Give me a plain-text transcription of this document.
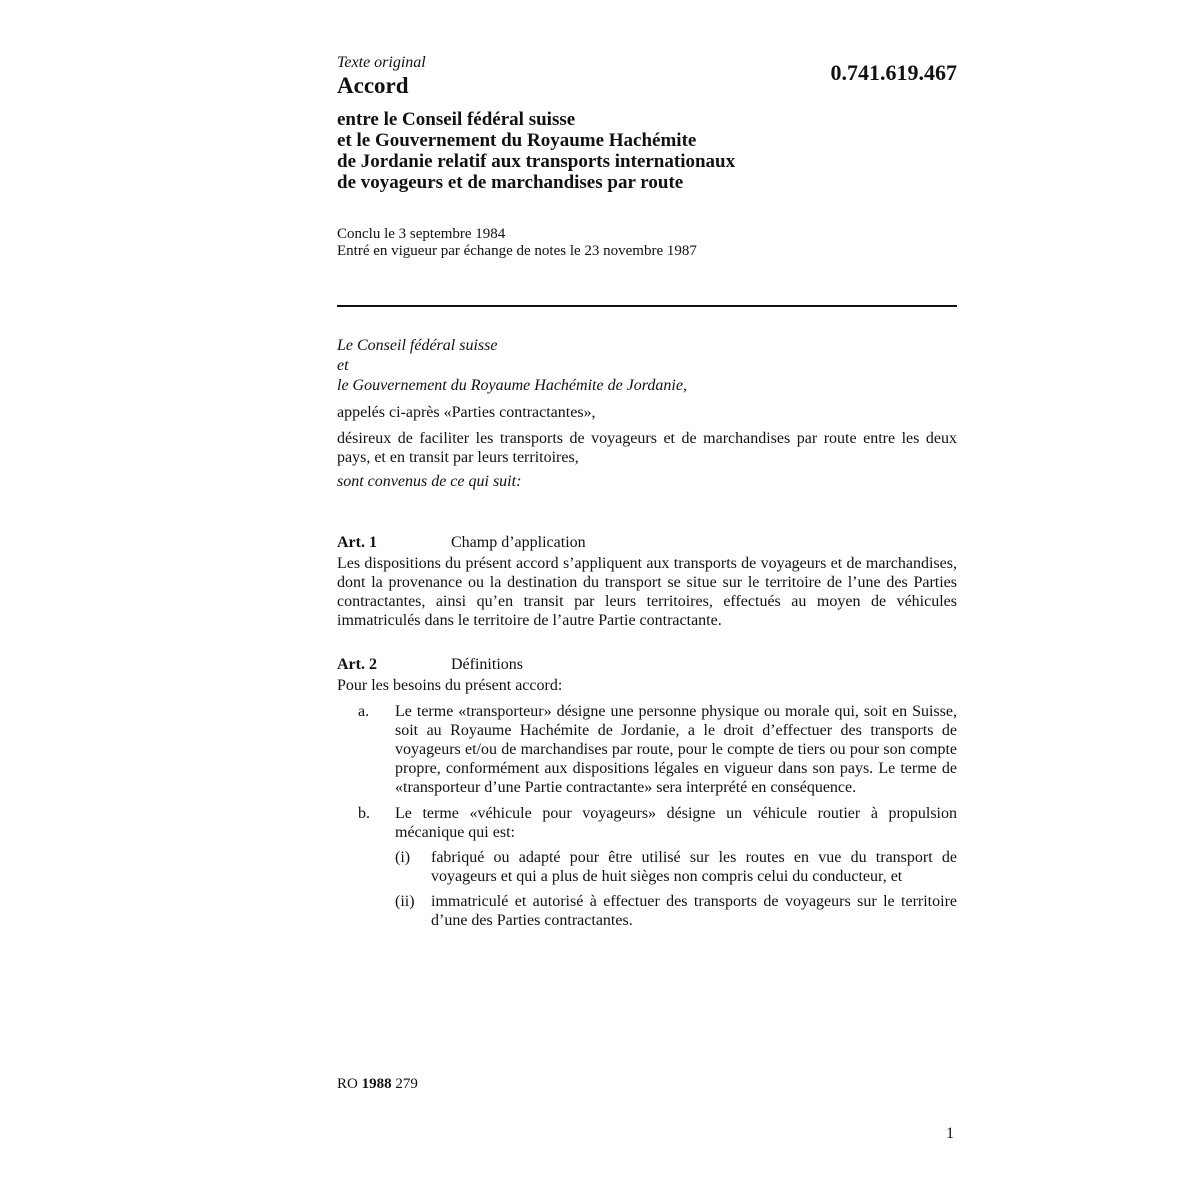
Texte original
Accord
0.741.619.467
entre le Conseil fédéral suisse
et le Gouvernement du Royaume Hachémite
de Jordanie relatif aux transports internationaux
de voyageurs et de marchandises par route
Conclu le 3 septembre 1984
Entré en vigueur par échange de notes le 23 novembre 1987
Le Conseil fédéral suisse
et
le Gouvernement du Royaume Hachémite de Jordanie,

appelés ci-après «Parties contractantes»,

désireux de faciliter les transports de voyageurs et de marchandises par route entre les deux pays, et en transit par leurs territoires,

sont convenus de ce qui suit:

Art. 1	Champ d’application

Les dispositions du présent accord s’appliquent aux transports de voyageurs et de marchandises, dont la provenance ou la destination du transport se situe sur le territoire de l’une des Parties contractantes, ainsi qu’en transit par leurs territoires, effectués au moyen de véhicules immatriculés dans le territoire de l’autre Partie contractante.

Art. 2	Définitions

Pour les besoins du présent accord:

a.	Le terme «transporteur» désigne une personne physique ou morale qui, soit en Suisse, soit au Royaume Hachémite de Jordanie, a le droit d’effectuer des transports de voyageurs et/ou de marchandises par route, pour le compte de tiers ou pour son compte propre, conformément aux dispositions légales en vigueur dans son pays. Le terme de «transporteur d’une Partie contractante» sera interprété en conséquence.

b.	Le terme «véhicule pour voyageurs» désigne un véhicule routier à propulsion mécanique qui est:

(i)	fabriqué ou adapté pour être utilisé sur les routes en vue du transport de voyageurs et qui a plus de huit sièges non compris celui du conducteur, et

(ii)	immatriculé et autorisé à effectuer des transports de voyageurs sur le territoire d’une des Parties contractantes.

RO 1988 279
1
